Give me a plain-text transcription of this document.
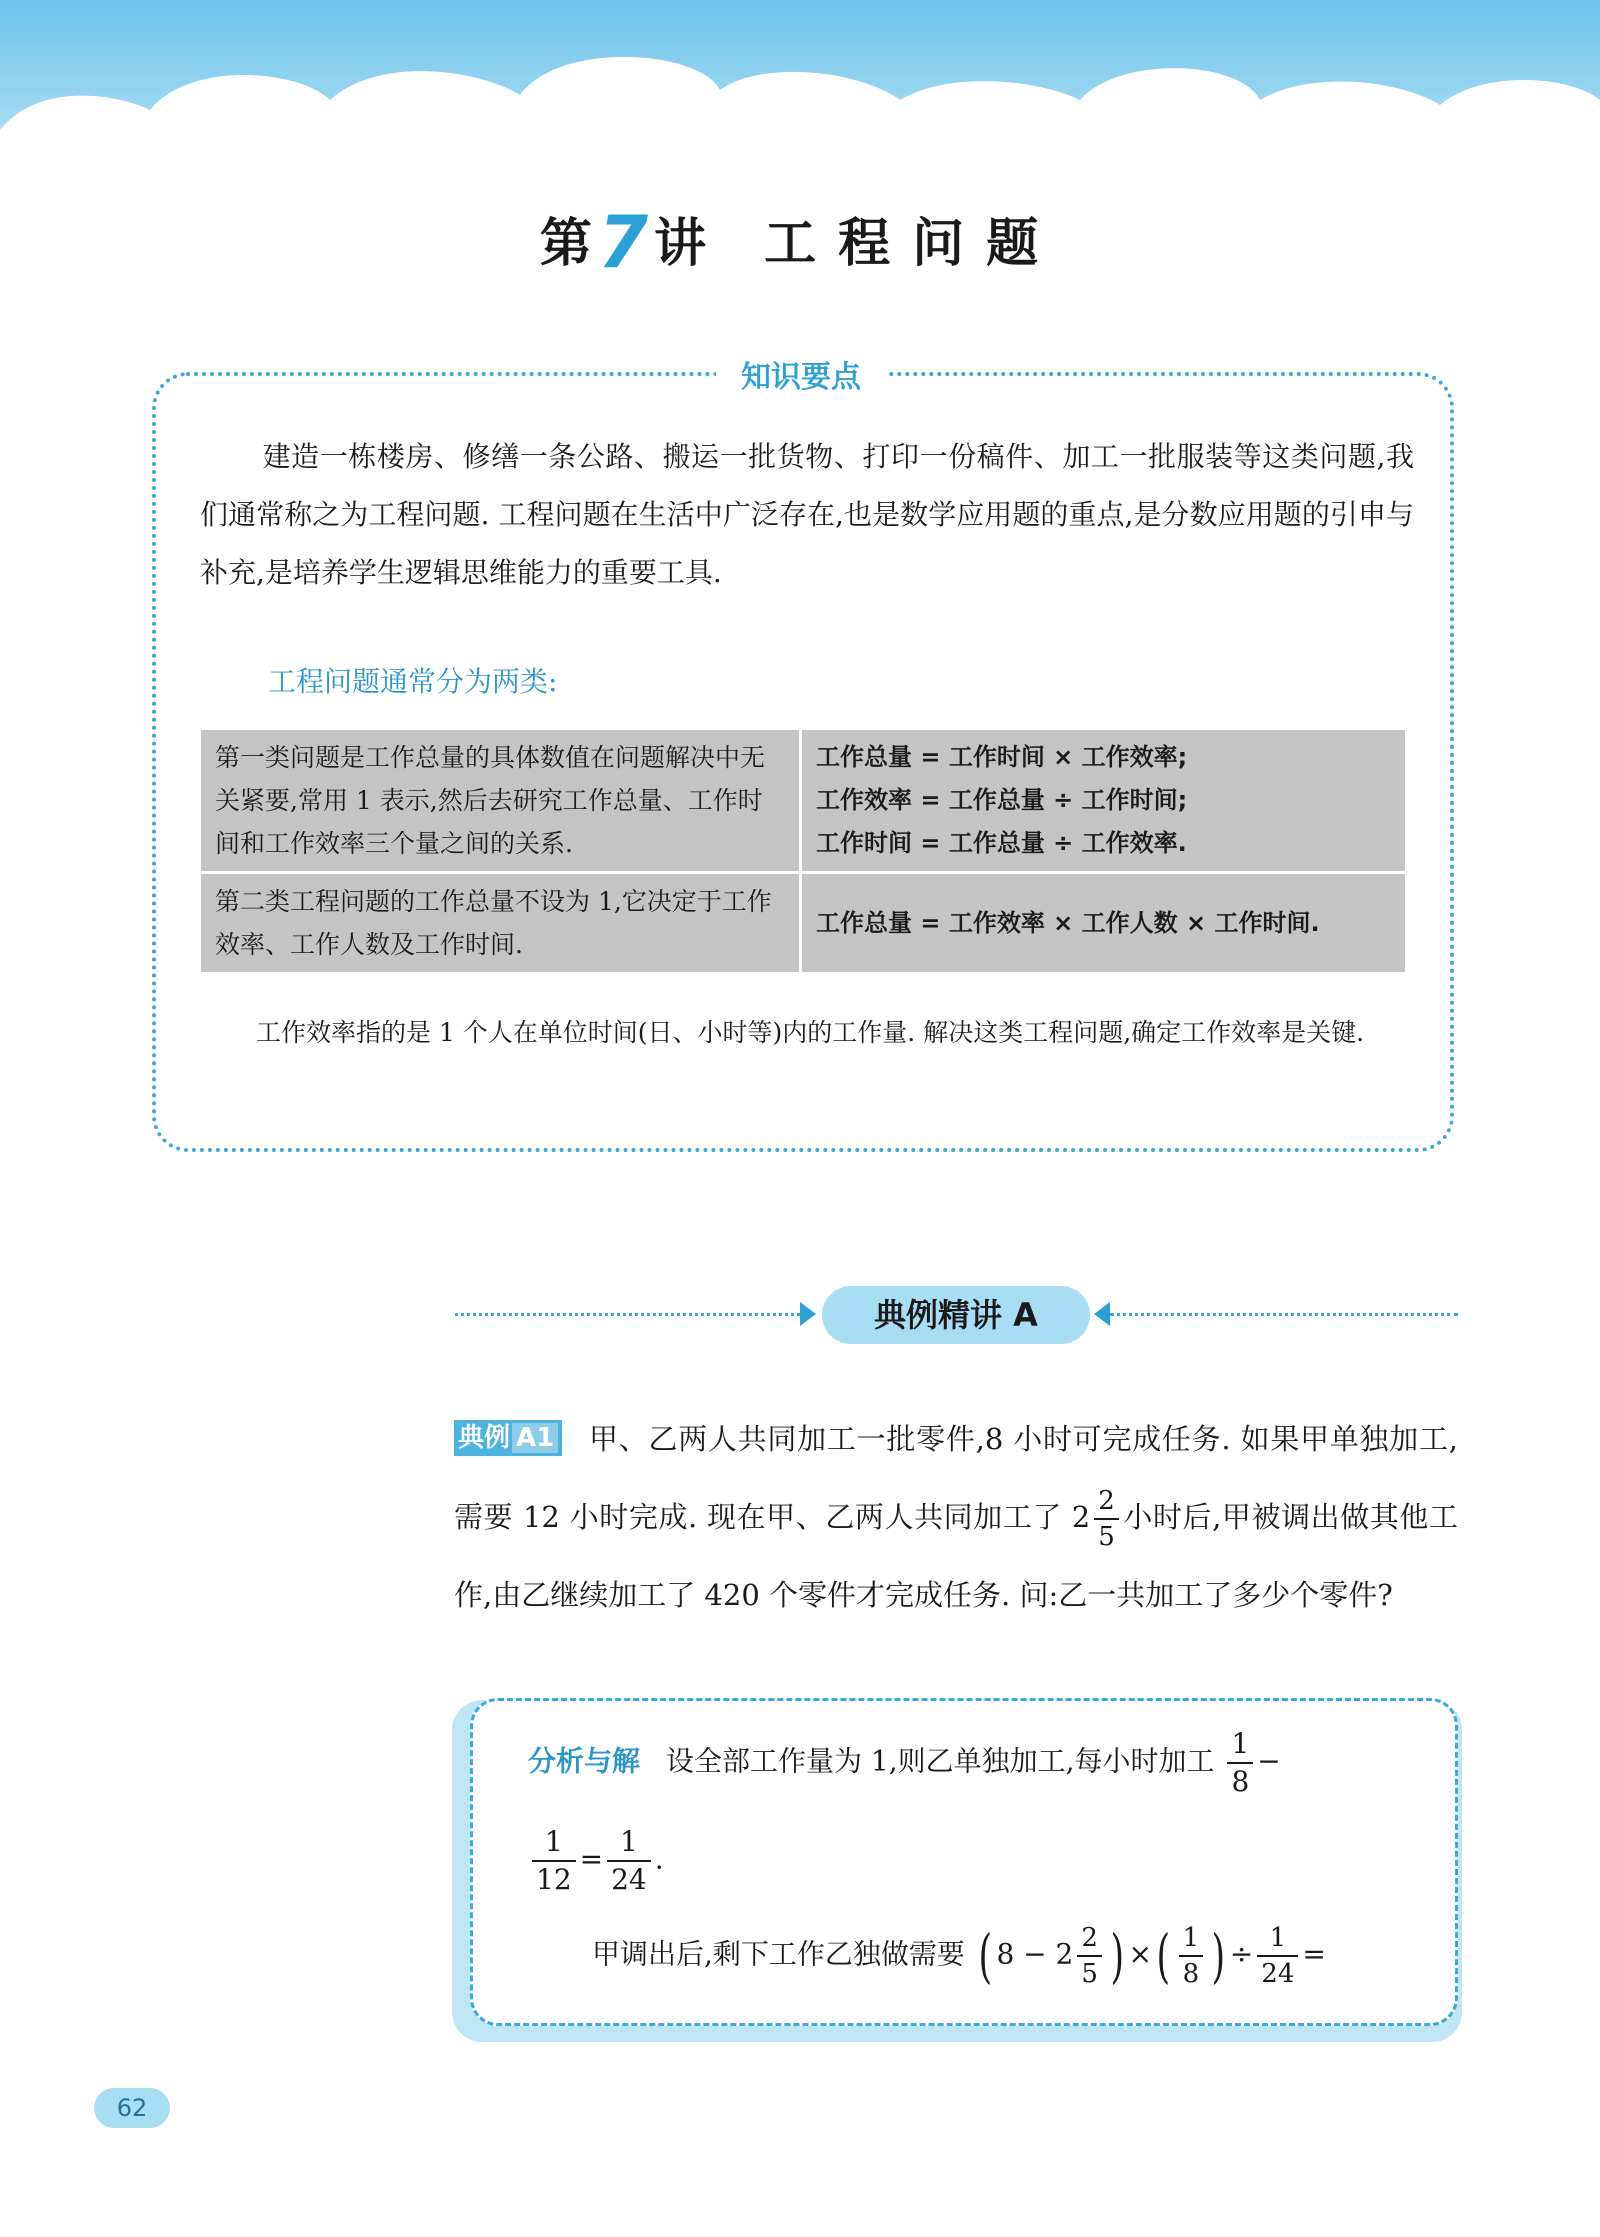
第7讲 工程问题
知识要点
建造一栋楼房、修缮一条公路、搬运一批货物、打印一份稿件、加工一批服装等这类问题,我们通常称之为工程问题. 工程问题在生活中广泛存在,也是数学应用题的重点,是分数应用题的引申与补充,是培养学生逻辑思维能力的重要工具.
工程问题通常分为两类:
第一类问题是工作总量的具体数值在问题解决中无关紧要,常用 1 表示,然后去研究工作总量、工作时间和工作效率三个量之间的关系.	工作总量 = 工作时间 × 工作效率;
工作效率 = 工作总量 ÷ 工作时间;
工作时间 = 工作总量 ÷ 工作效率.

第二类工程问题的工作总量不设为 1,它决定于工作效率、工作人数及工作时间.	工作总量 = 工作效率 × 工作人数 × 工作时间.
工作效率指的是 1 个人在单位时间(日、小时等)内的工作量. 解决这类工程问题,确定工作效率是关键.
典例精讲 A
典例 A1 甲、乙两人共同加工一批零件,8 小时可完成任务. 如果甲单独加工,需要 12 小时完成. 现在甲、乙两人共同加工了 $2 \frac{2}{5}$ 小时后,甲被调出做其他工作,由乙继续加工了 420 个零件才完成任务. 问:乙一共加工了多少个零件?
分析与解 设全部工作量为 1,则乙单独加工,每小时加工 $\frac{1}{8}$ −
$\frac{1}{12} = \frac{1}{24}$ .
甲调出后,剩下工作乙独做需要 ( $8 - 2 \frac{2}{5}$ ) ×( $\frac{1}{8}$ ) ÷ $\frac{1}{24}$ =
62
